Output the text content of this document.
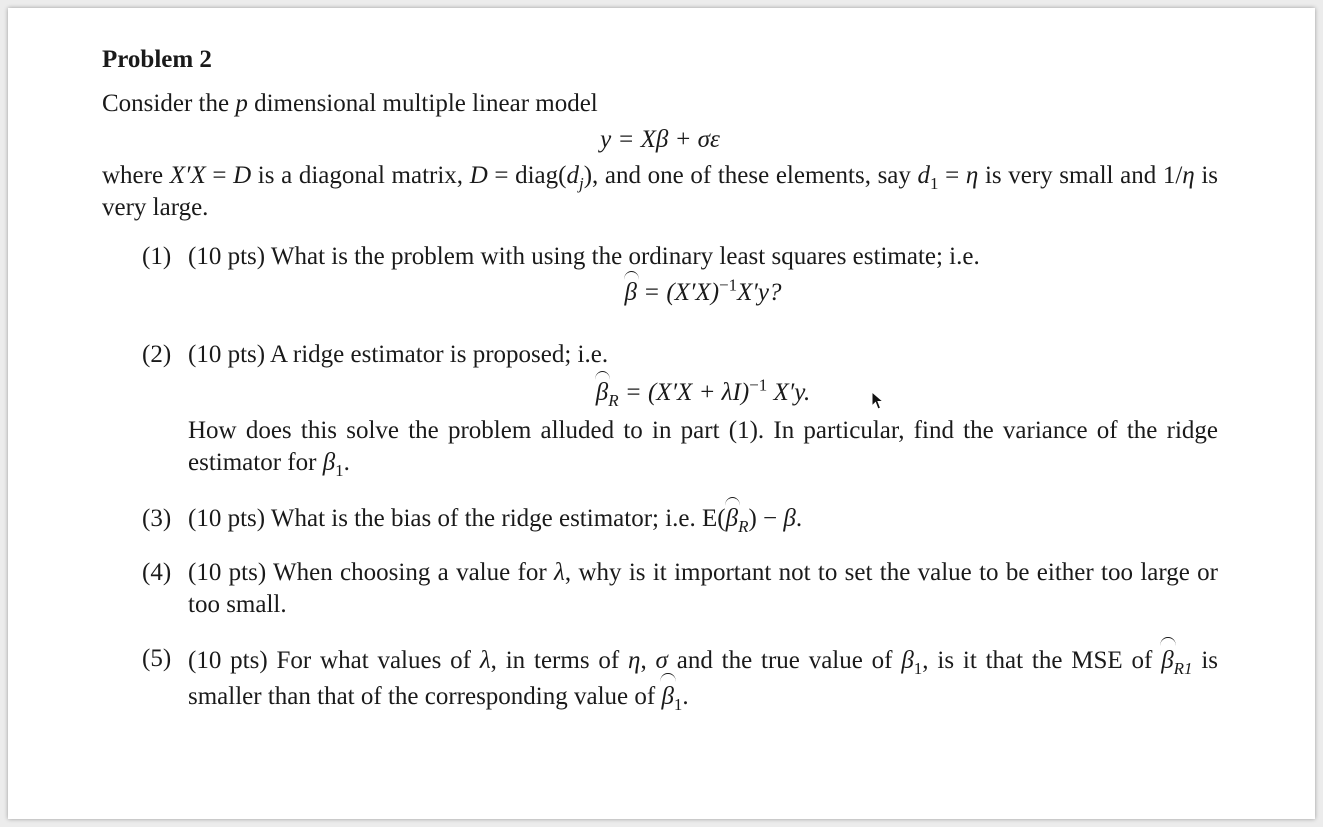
Problem 2

Consider the p dimensional multiple linear model

y = Xβ + σε

where X′X = D is a diagonal matrix, $D = diag(d_j)$, and one of these elements, say $d_1 = \eta$ is very small and 1/η is very large.

(1) (10 pts) What is the problem with using the ordinary least squares estimate; i.e.
$\beta = (X'X)^{-1}X'y$?
(2) (10 pts) A ridge estimator is proposed; i.e.
$\beta_R = (X'X + \lambda I)^{-1}$ X′y.
How does this solve the problem alluded to in part (1). In particular, find the variance of the ridge estimator for $\beta_1$.
(3) (10 pts) What is the bias of the ridge estimator; i.e. $E(\beta_R) - \beta$.
(4) (10 pts) When choosing a value for λ, why is it important not to set the value to be either too large or too small.
(5) (10 pts) For what values of λ, in terms of η, σ and the true value of $\beta_1$, is it that the MSE of $\beta_{R1}$ is smaller than that of the corresponding value of $\beta_1$.
